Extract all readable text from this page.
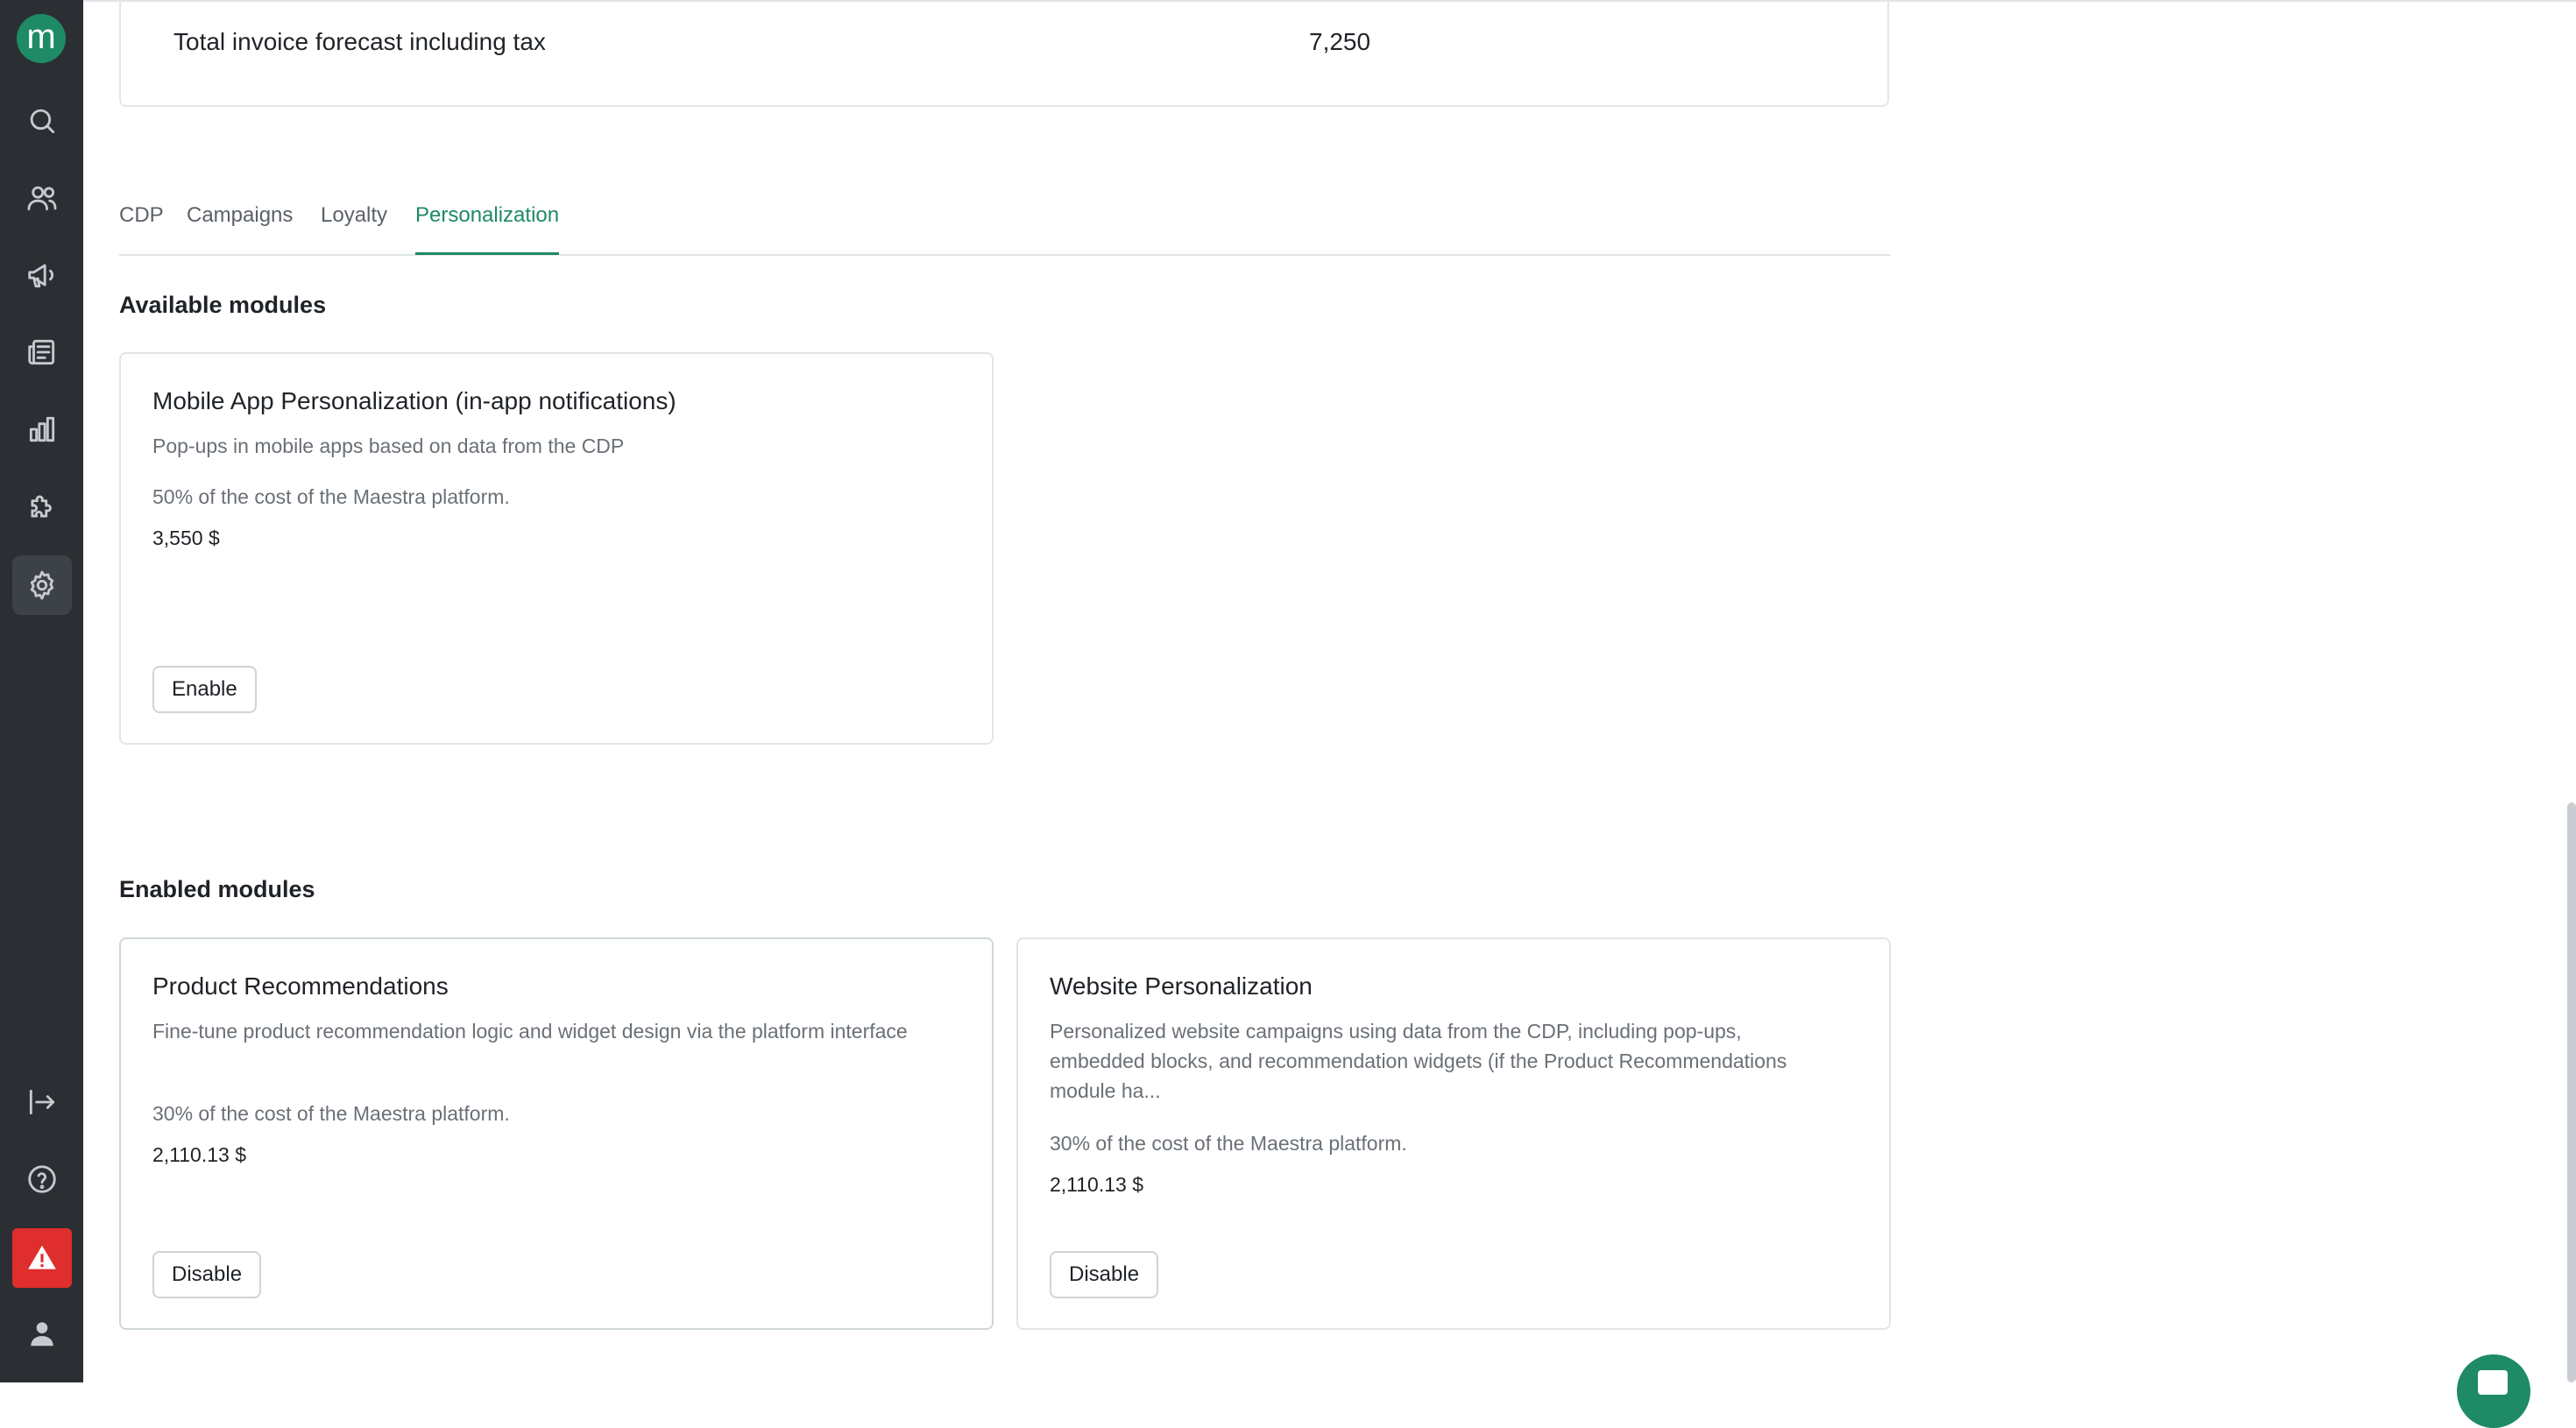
m	Total invoice forecast including tax	7,250
CDP Campaigns Loyalty Personalization
Available modules
Mobile App Personalization (in-app notifications)
Pop-ups in mobile apps based on data from the CDP
50% of the cost of the Maestra platform.
3,550 $
Enable
Enabled modules
Product Recommendations
Fine-tune product recommendation logic and widget design via the platform interface
30% of the cost of the Maestra platform.
2,110.13 $
Disable
Website Personalization
Personalized website campaigns using data from the CDP, including pop-ups, embedded blocks, and recommendation widgets (if the Product Recommendations module ha...
30% of the cost of the Maestra platform.
2,110.13 $
Disable
